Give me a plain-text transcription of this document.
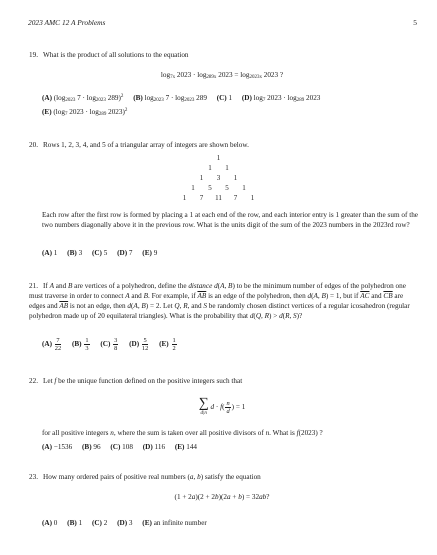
2023 AMC 12 A Problems	5
19. What is the product of all solutions to the equation
$\log_{7x} 2023 \cdot \log_{289x} 2023 = \log_{2023x} 2023$ ?
(A) ($\log_{2023}$ $7 \cdot \log_{2023} 289)^2$ (B) $\log_{2023} 7 \cdot \log_{2023} 289$ (C) 1 (D) $\log_7 2023 \cdot \log_{289} 2023$
(E) ($\log_7$ $2023 \cdot \log_{289} 2023)^2$
20. Rows 1, 2, 3, 4, and 5 of a triangular array of integers are shown below.
1
1 1
1 3 1
1 5 5 1
1 7 11 7 1
Each row after the first row is formed by placing a 1 at each end of the row, and each interior entry is 1 greater than the sum of the two numbers diagonally above it in the previous row. What is the units digit of the sum of the 2023 numbers in the 2023rd row?
(A) 1 (B) 3 (C) 5 (D) 7 (E) 9
21. If A and B are vertices of a polyhedron, define the distance d(A, B) to be the minimum number of edges of the polyhedron one must traverse in order to connect A and B. For example, if $\overline{AB}$ is an edge of the polyhedron, then d(A, B) = 1, but if $\overline{AC}$ and $\overline{CB}$ are edges and $\overline{AB}$ is not an edge, then d(A, B) = 2. Let Q, R, and S be randomly chosen distinct vertices of a regular icosahedron (regular polyhedron made up of 20 equilateral triangles). What is the probability that d(Q, R) > d(R, S)?
$(A) \frac{7}{22} (B) \frac{1}{3} (C) \frac{3}{8} (D) \frac{5}{12} (E) \frac{1}{2}$
22. Let f be the unique function defined on the positive integers such that
∑
d|n
$d \cdot f( \frac{n}{d}$ ) = 1
for all positive integers n, where the sum is taken over all positive divisors of n. What is f(2023) ?
(A) −1536 (B) 96 (C) 108 (D) 116 (E) 144
23. How many ordered pairs of positive real numbers (a, b) satisfy the equation
(1 + 2a)(2 + 2b)(2a + b) = 32ab?
(A) 0 (B) 1 (C) 2 (D) 3 (E) an infinite number
